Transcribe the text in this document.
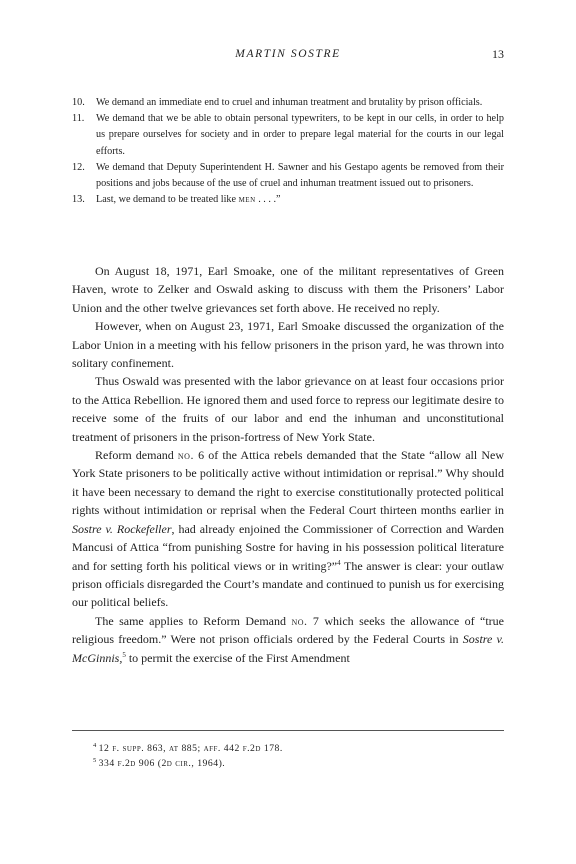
MARTIN SOSTRE	13
10.	We demand an immediate end to cruel and inhuman treatment and brutality by prison officials.
11.	We demand that we be able to obtain personal typewriters, to be kept in our cells, in order to help us prepare ourselves for society and in order to prepare legal material for the courts in our legal efforts.
12.	We demand that Deputy Superintendent H. Sawner and his Gestapo agents be removed from their positions and jobs because of the use of cruel and inhuman treatment issued out to prisoners.
13.	Last, we demand to be treated like men . . . .”

On August 18, 1971, Earl Smoake, one of the militant representatives of Green Haven, wrote to Zelker and Oswald asking to discuss with them the Prisoners’ Labor Union and the other twelve grievances set forth above. He received no reply.

However, when on August 23, 1971, Earl Smoake discussed the organization of the Labor Union in a meeting with his fellow prisoners in the prison yard, he was thrown into solitary confinement.

Thus Oswald was presented with the labor grievance on at least four occasions prior to the Attica Rebellion. He ignored them and used force to repress our legitimate desire to receive some of the fruits of our labor and end the inhuman and unconstitutional treatment of prisoners in the prison-fortress of New York State.

Reform demand no. 6 of the Attica rebels demanded that the State “allow all New York State prisoners to be politically active without intimidation or reprisal.” Why should it have been necessary to demand the right to exercise constitutionally protected political rights without intimidation or reprisal when the Federal Court thirteen months earlier in Sostre v. Rockefeller, had already enjoined the Commissioner of Correction and Warden Mancusi of Attica “from punishing Sostre for having in his possession political literature and for setting forth his political views or in writing?”$^4$ The answer is clear: your outlaw prison officials disregarded the Court’s mandate and continued to punish us for exercising our political beliefs.

The same applies to Reform Demand no. 7 which seeks the allowance of “true religious freedom.” Were not prison officials ordered by the Federal Courts in Sostre v. McGinnis,$^5$ to permit the exercise of the First Amendment

$^4$ 12 f. supp. 863, at 885; aff. 442 f.2d 178.
$^5$ 334 f.2d 906 (2d cir., 1964).
